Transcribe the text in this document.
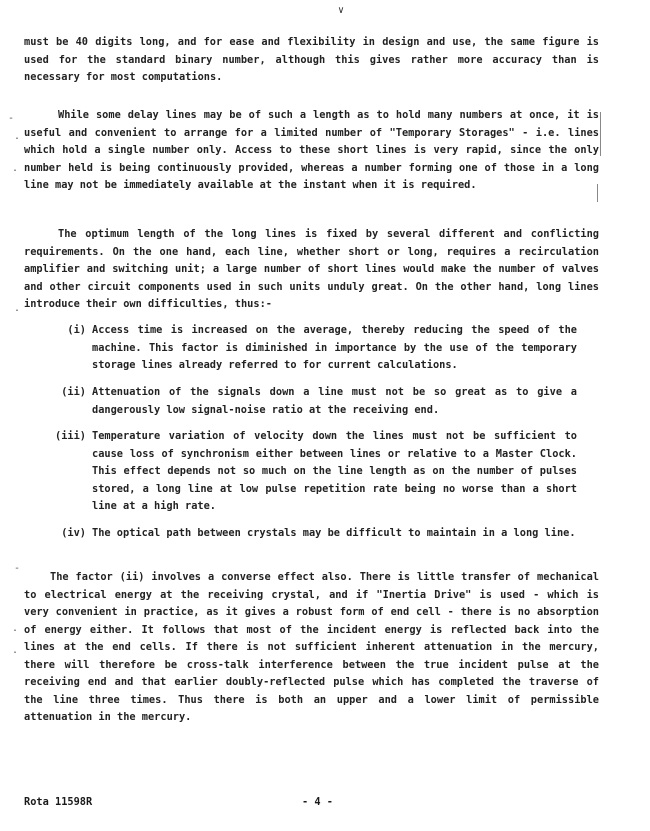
∨

must be 40 digits long, and for ease and flexibility in design and use, the same figure is used for the standard binary number, although this gives rather more accuracy than is necessary for most computations.

While some delay lines may be of such a length as to hold many numbers at once, it is useful and convenient to arrange for a limited number of "Temporary Storages" - i.e. lines which hold a single number only. Access to these short lines is very rapid, since the only number held is being continuously provided, whereas a number forming one of those in a long line may not be immediately available at the instant when it is required.

The optimum length of the long lines is fixed by several different and conflicting requirements. On the one hand, each line, whether short or long, requires a recirculation amplifier and switching unit; a large number of short lines would make the number of valves and other circuit components used in such units unduly great. On the other hand, long lines introduce their own difficulties, thus:-

(i) Access time is increased on the average, thereby reducing the speed of the machine. This factor is diminished in importance by the use of the temporary storage lines already referred to for current calculations.
(ii) Attenuation of the signals down a line must not be so great as to give a dangerously low signal-noise ratio at the receiving end.
(iii) Temperature variation of velocity down the lines must not be sufficient to cause loss of synchronism either between lines or relative to a Master Clock. This effect depends not so much on the line length as on the number of pulses stored, a long line at low pulse repetition rate being no worse than a short line at a high rate.
(iv) The optical path between crystals may be difficult to maintain in a long line.

The factor (ii) involves a converse effect also. There is little transfer of mechanical to electrical energy at the receiving crystal, and if "Inertia Drive" is used - which is very convenient in practice, as it gives a robust form of end cell - there is no absorption of energy either. It follows that most of the incident energy is reflected back into the lines at the end cells. If there is not sufficient inherent attenuation in the mercury, there will therefore be cross-talk interference between the true incident pulse at the receiving end and that earlier doubly-reflected pulse which has completed the traverse of the line three times. Thus there is both an upper and a lower limit of permissible attenuation in the mercury.

Rota 11598R	- 4 -
-
.
.
.
-
.
.
